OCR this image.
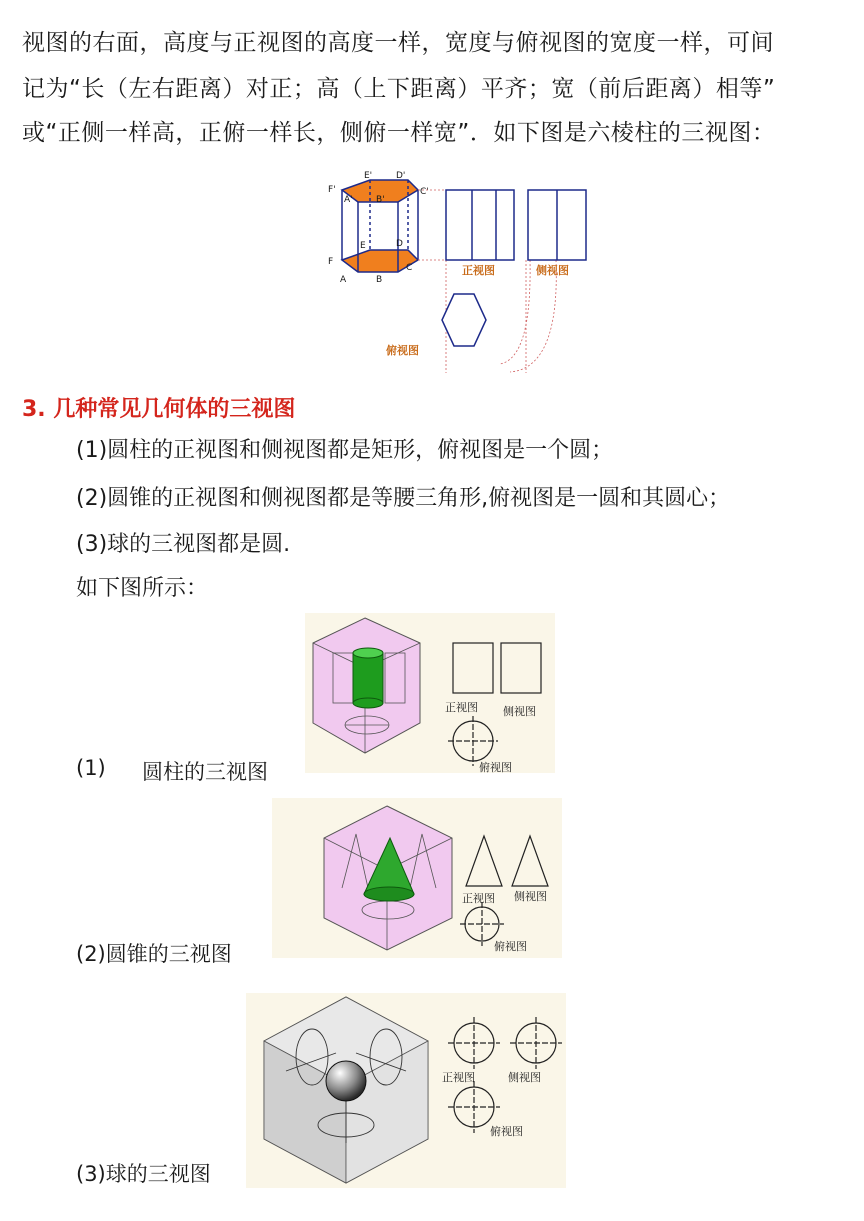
视图的右面，高度与正视图的高度一样，宽度与俯视图的宽度一样，可间
记为“长（左右距离）对正；高（上下距离）平齐；宽（前后距离）相等”
或“正侧一样高，正俯一样长，侧俯一样宽”．如下图是六棱柱的三视图：
F'
E'	D'
C'
A'	B'
E	D
F
C
A	B
正视图	侧视图
俯视图
3. 几种常见几何体的三视图
(1)圆柱的正视图和侧视图都是矩形，俯视图是一个圆；
(2)圆锥的正视图和侧视图都是等腰三角形,俯视图是一圆和其圆心；
(3)球的三视图都是圆.
如下图所示：
正视图 侧视图
俯视图
(1) 圆柱的三视图
正视图 侧视图
俯视图
(2)圆锥的三视图
正视图	侧视图
俯视图
(3)球的三视图
